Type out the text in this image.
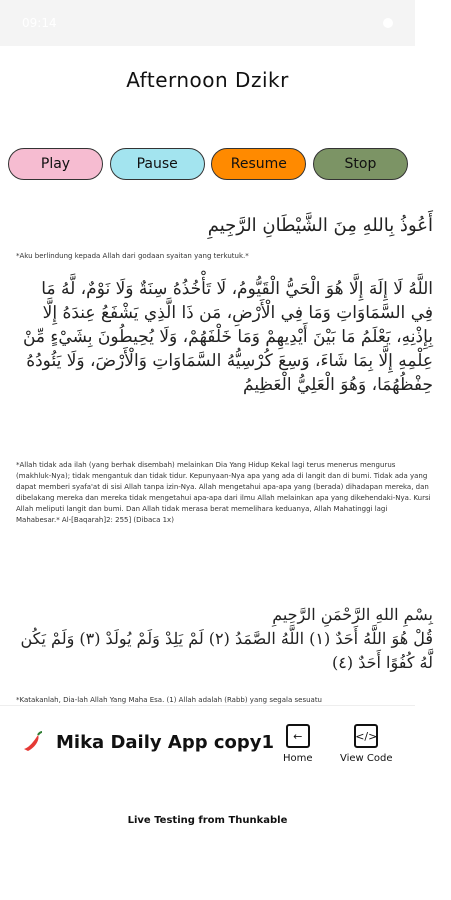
09:14
Afternoon Dzikr
Play	Pause	Resume	Stop
أَعُوذُ بِاللهِ مِنَ الشَّيْطَانِ الرَّجِيمِ
*Aku berlindung kepada Allah dari godaan syaitan yang terkutuk.*
اللَّهُ لَا إِلَهَ إِلَّا هُوَ الْحَيُّ الْقَيُّومُ، لَا تَأْخُذُهُ سِنَةٌ وَلَا نَوْمٌ، لَّهُ مَا فِي السَّمَاوَاتِ وَمَا فِي الْأَرْضِ، مَن ذَا الَّذِي يَشْفَعُ عِندَهُ إِلَّا بِإِذْنِهِ، يَعْلَمُ مَا بَيْنَ أَيْدِيهِمْ وَمَا خَلْفَهُمْ، وَلَا يُحِيطُونَ بِشَيْءٍ مِّنْ عِلْمِهِ إِلَّا بِمَا شَاءَ، وَسِعَ كُرْسِيُّهُ السَّمَاوَاتِ وَالْأَرْضَ، وَلَا يَئُودُهُ حِفْظُهُمَا، وَهُوَ الْعَلِيُّ الْعَظِيمُ
*Allah tidak ada ilah (yang berhak disembah) melainkan Dia Yang Hidup Kekal lagi terus menerus mengurus (makhluk-Nya); tidak mengantuk dan tidak tidur. Kepunyaan-Nya apa yang ada di langit dan di bumi. Tidak ada yang dapat memberi syafa'at di sisi Allah tanpa izin-Nya. Allah mengetahui apa-apa yang (berada) dihadapan mereka, dan dibelakang mereka dan mereka tidak mengetahui apa-apa dari ilmu Allah melainkan apa yang dikehendaki-Nya. Kursi Allah meliputi langit dan bumi. Dan Allah tidak merasa berat memelihara keduanya, Allah Mahatinggi lagi Mahabesar.* Al-[Baqarah]2: 255] (Dibaca 1x)
بِسْمِ اللهِ الرَّحْمَنِ الرَّحِيمِ
قُلْ هُوَ اللَّهُ أَحَدٌ (١) اللَّهُ الصَّمَدُ (٢) لَمْ يَلِدْ وَلَمْ يُولَدْ (٣) وَلَمْ يَكُن لَّهُ كُفُوًا أَحَدٌ (٤)
*Katakanlah, Dia-lah Allah Yang Maha Esa. (1) Allah adalah (Rabb) yang segala sesuatu
Mika Daily App copy1	←
Home
</>
View Code
Live Testing from Thunkable
